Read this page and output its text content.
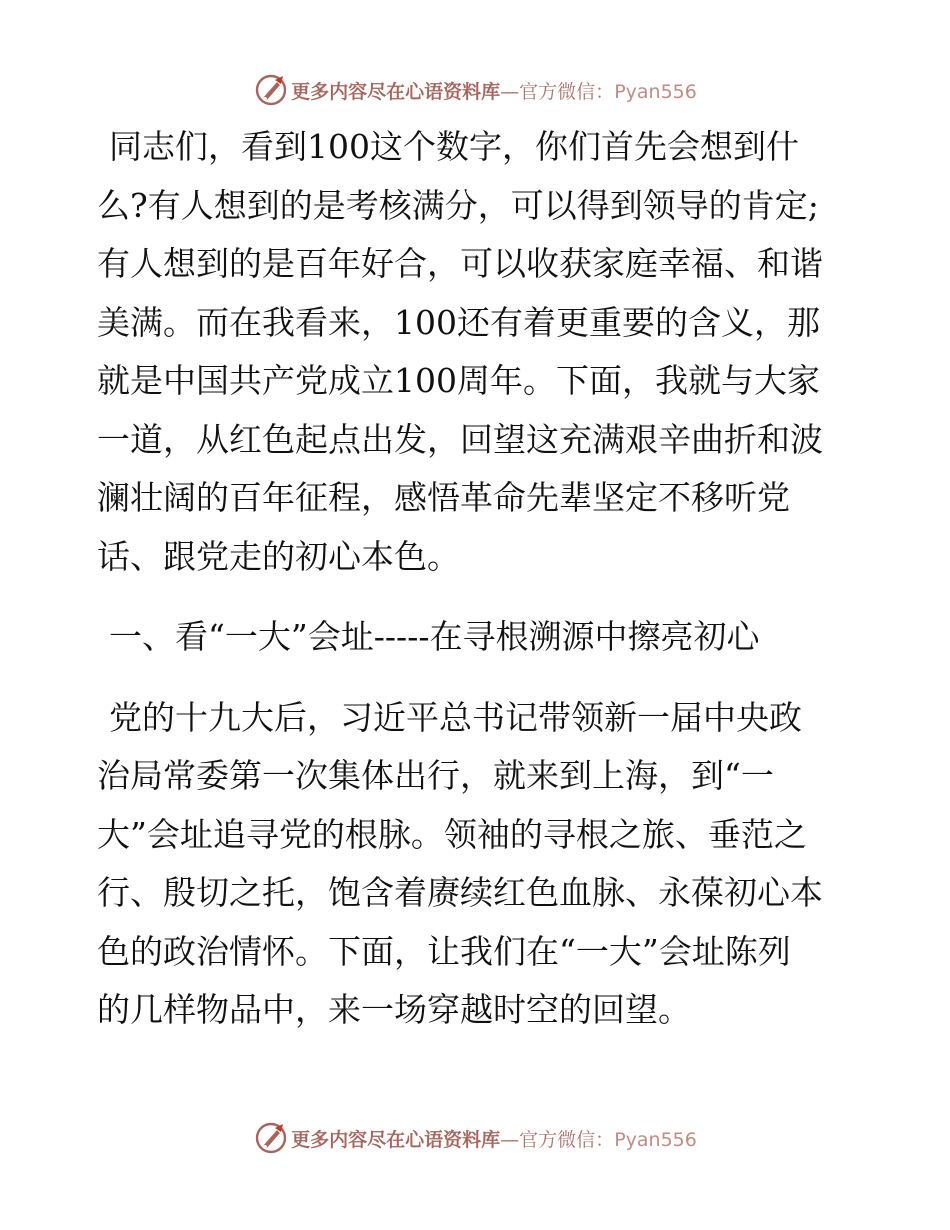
更多内容尽在心语资料库—官方微信：Pyan556
同志们，看到100这个数字，你们首先会想到什
么?有人想到的是考核满分，可以得到领导的肯定;
有人想到的是百年好合，可以收获家庭幸福、和谐
美满。而在我看来，100还有着更重要的含义，那
就是中国共产党成立100周年。下面，我就与大家
一道，从红色起点出发，回望这充满艰辛曲折和波
澜壮阔的百年征程，感悟革命先辈坚定不移听党
话、跟党走的初心本色。
一、看“一大”会址-----在寻根溯源中擦亮初心
党的十九大后，习近平总书记带领新一届中央政
治局常委第一次集体出行，就来到上海，到“一
大”会址追寻党的根脉。领袖的寻根之旅、垂范之
行、殷切之托，饱含着赓续红色血脉、永葆初心本
色的政治情怀。下面，让我们在“一大”会址陈列
的几样物品中，来一场穿越时空的回望。
更多内容尽在心语资料库—官方微信：Pyan556
